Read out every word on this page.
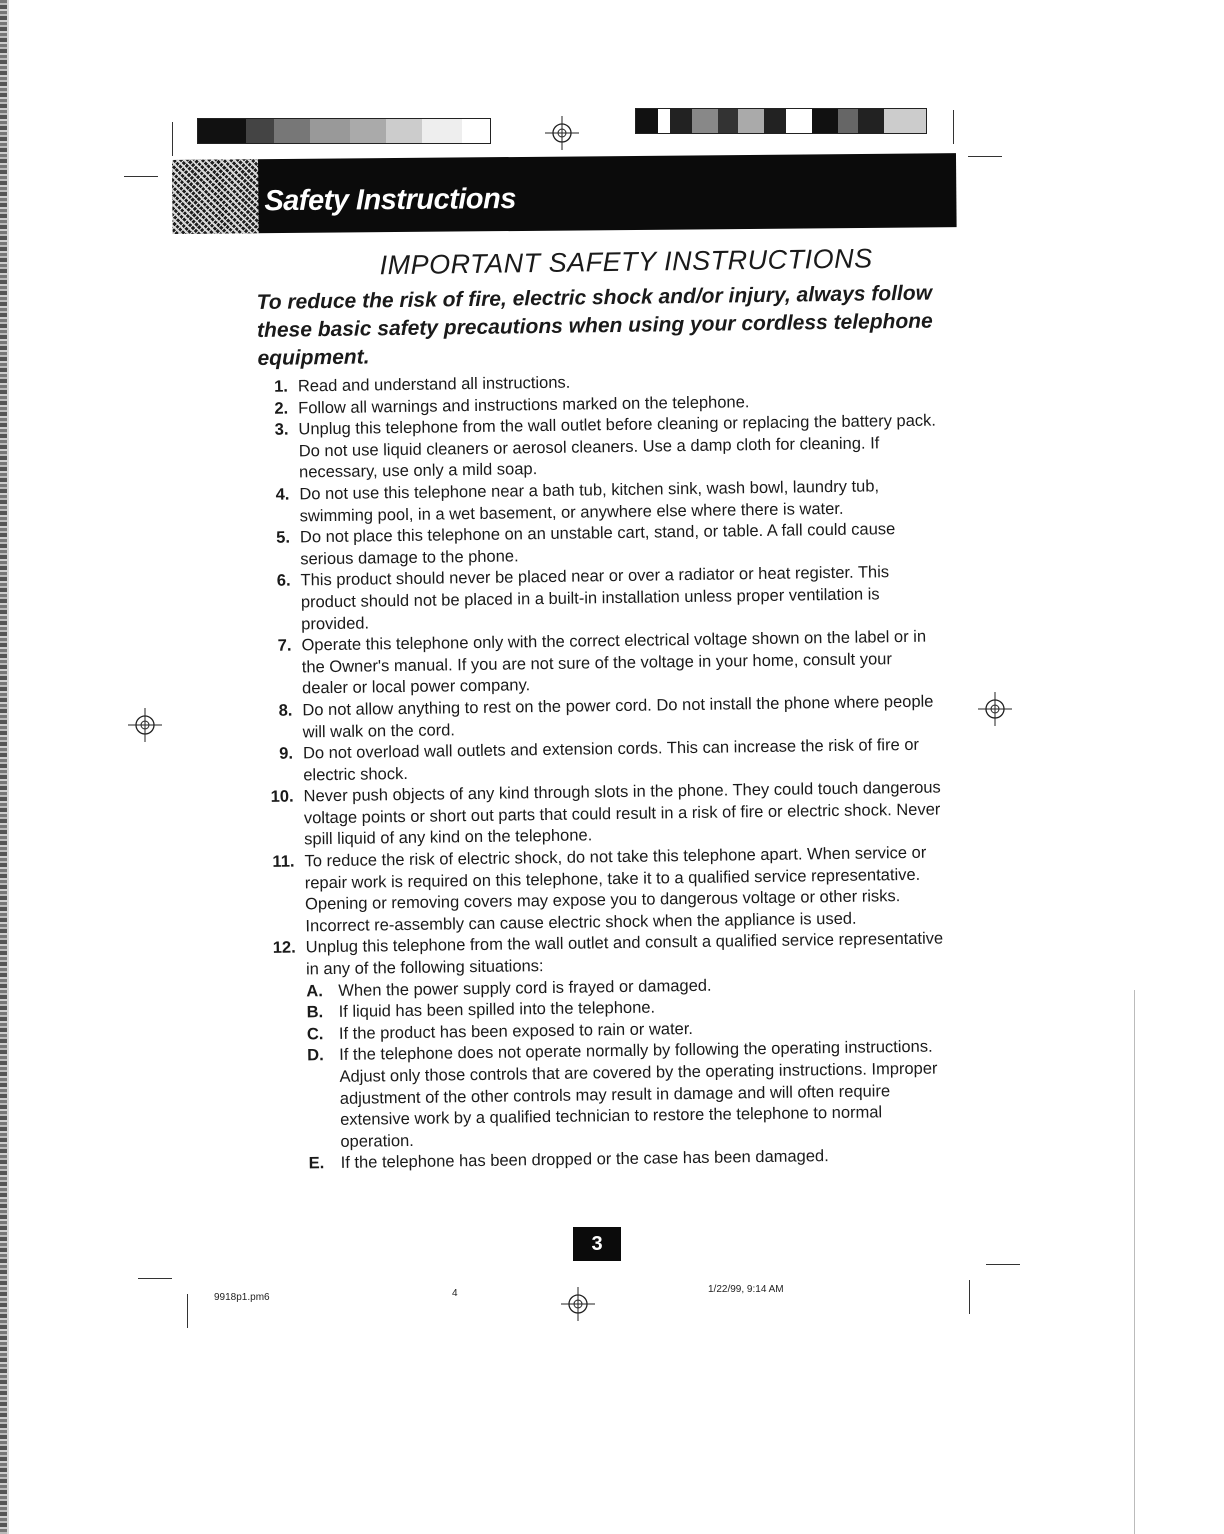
Safety Instructions
IMPORTANT SAFETY INSTRUCTIONS
To reduce the risk of fire, electric shock and/or injury, always follow these basic safety precautions when using your cordless telephone equipment.
1. Read and understand all instructions.
2. Follow all warnings and instructions marked on the telephone.
3. Unplug this telephone from the wall outlet before cleaning or replacing the battery pack. Do not use liquid cleaners or aerosol cleaners. Use a damp cloth for cleaning. If necessary, use only a mild soap.
4. Do not use this telephone near a bath tub, kitchen sink, wash bowl, laundry tub, swimming pool, in a wet basement, or anywhere else where there is water.
5. Do not place this telephone on an unstable cart, stand, or table. A fall could cause serious damage to the phone.
6. This product should never be placed near or over a radiator or heat register. This product should not be placed in a built-in installation unless proper ventilation is provided.
7. Operate this telephone only with the correct electrical voltage shown on the label or in the Owner's manual. If you are not sure of the voltage in your home, consult your dealer or local power company.
8. Do not allow anything to rest on the power cord. Do not install the phone where people will walk on the cord.
9. Do not overload wall outlets and extension cords. This can increase the risk of fire or electric shock.
10. Never push objects of any kind through slots in the phone. They could touch dangerous voltage points or short out parts that could result in a risk of fire or electric shock. Never spill liquid of any kind on the telephone.
11. To reduce the risk of electric shock, do not take this telephone apart. When service or repair work is required on this telephone, take it to a qualified service representative. Opening or removing covers may expose you to dangerous voltage or other risks. Incorrect re-assembly can cause electric shock when the appliance is used.
12. Unplug this telephone from the wall outlet and consult a qualified service representative in any of the following situations:
A. When the power supply cord is frayed or damaged.
B. If liquid has been spilled into the telephone.
C. If the product has been exposed to rain or water.
D. If the telephone does not operate normally by following the operating instructions. Adjust only those controls that are covered by the operating instructions. Improper adjustment of the other controls may result in damage and will often require extensive work by a qualified technician to restore the telephone to normal operation.
E. If the telephone has been dropped or the case has been damaged.
3
9918p1.pm6	4	1/22/99, 9:14 AM
